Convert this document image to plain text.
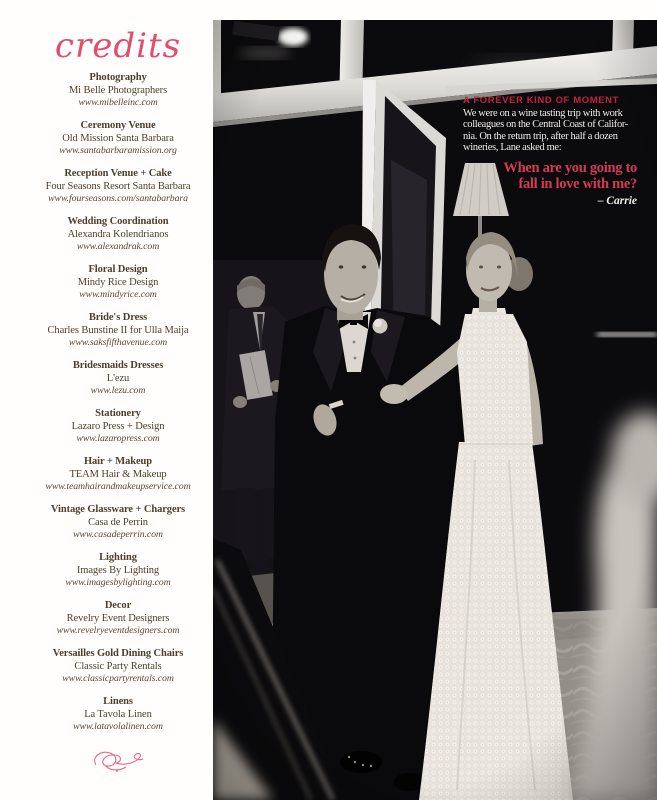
credits
Photography
Mi Belle Photographers
www.mibelleinc.com
Ceremony Venue
Old Mission Santa Barbara
www.santabarbaramission.org
Reception Venue + Cake
Four Seasons Resort Santa Barbara
www.fourseasons.com/santabarbara
Wedding Coordination
Alexandra Kolendrianos
www.alexandrak.com
Floral Design
Mindy Rice Design
www.mindyrice.com
Bride's Dress
Charles Bunstine II for Ulla Maija
www.saksfifthavenue.com
Bridesmaids Dresses
L'ezu
www.lezu.com
Stationery
Lazaro Press + Design
www.lazaropress.com
Hair + Makeup
TEAM Hair & Makeup
www.teamhairandmakeupservice.com
Vintage Glassware + Chargers
Casa de Perrin
www.casadeperrin.com
Lighting
Images By Lighting
www.imagesbylighting.com
Decor
Revelry Event Designers
www.revelryeventdesigners.com
Versailles Gold Dining Chairs
Classic Party Rentals
www.classicpartyrentals.com
Linens
La Tavola Linen
www.latavolalinen.com
A FOREVER KIND OF MOMENT
We were on a wine tasting trip with work
colleagues on the Central Coast of Califor-
nia. On the return trip, after half a dozen
wineries, Lane asked me:
When are you going to
fall in love with me?
– Carrie
